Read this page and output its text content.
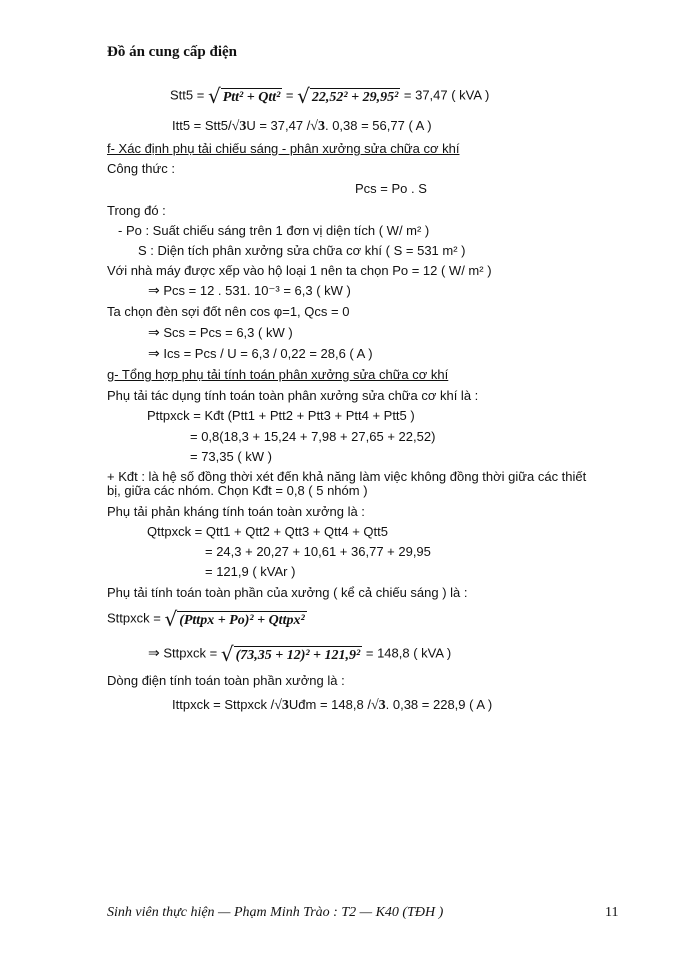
Đồ án cung cấp điện
Stt5 = √ Ptt² + Qtt² = √ 22,52² + 29,95² = 37,47 ( kVA )
Itt5 = Stt5/√3U = 37,47 /√3. 0,38 = 56,77 ( A )
f- Xác định phụ tải chiếu sáng - phân xưởng sửa chữa cơ khí
Công thức :
Pcs = Po . S
Trong đó :
- Po : Suất chiếu sáng trên 1 đơn vị diện tích ( W/ m² )
S : Diện tích phân xưởng sửa chữa cơ khí ( S = 531 m² )
Với nhà máy được xếp vào hộ loại 1 nên ta chọn Po = 12 ( W/ m² )
⇒ Pcs = 12 . 531. 10⁻³ = 6,3 ( kW )
Ta chọn đèn sợi đốt nên cos φ=1, Qcs = 0
⇒ Scs = Pcs = 6,3 ( kW )
⇒ Ics = Pcs / U = 6,3 / 0,22 = 28,6 ( A )
g- Tổng hợp phụ tải tính toán phân xưởng sửa chữa cơ khí
Phụ tải tác dụng tính toán toàn phân xưởng sửa chữa cơ khí là :
Pttpxck = Kđt (Ptt1 + Ptt2 + Ptt3 + Ptt4 + Ptt5 )
= 0,8(18,3 + 15,24 + 7,98 + 27,65 + 22,52)
= 73,35 ( kW )
+ Kđt : là hệ số đồng thời xét đến khả năng làm việc không đồng thời giữa các thiết
bị, giữa các nhóm. Chọn Kđt = 0,8 ( 5 nhóm )
Phụ tải phản kháng tính toán toàn xưởng là :
Qttpxck = Qtt1 + Qtt2 + Qtt3 + Qtt4 + Qtt5
= 24,3 + 20,27 + 10,61 + 36,77 + 29,95
= 121,9 ( kVAr )
Phụ tải tính toán toàn phần của xưởng ( kể cả chiếu sáng ) là :
Sttpxck = √ (Pttpx + Po)² + Qttpx²
⇒ Sttpxck = √ (73,35 + 12)² + 121,9² = 148,8 ( kVA )
Dòng điện tính toán toàn phần xưởng là :
Ittpxck = Sttpxck /√3Uđm = 148,8 /√3. 0,38 = 228,9 ( A )
Sinh viên thực hiện — Phạm Minh Trào : T2 — K40 (TĐH )	11
